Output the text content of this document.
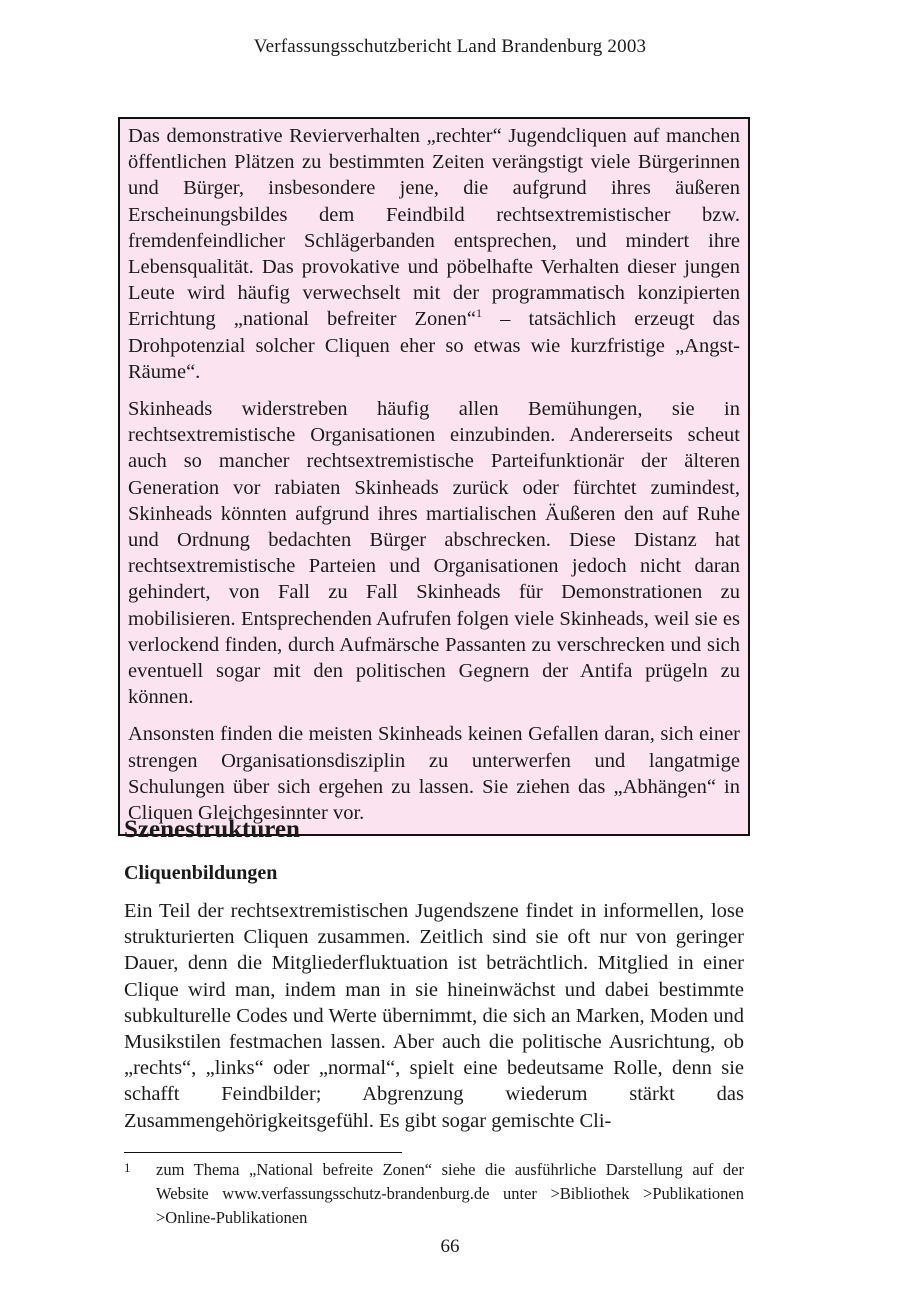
Verfassungsschutzbericht Land Brandenburg 2003

Das demonstrative Revierverhalten „rechter“ Jugendcliquen auf manchen öffentlichen Plätzen zu bestimmten Zeiten verängstigt viele Bürgerinnen und Bürger, insbesondere jene, die aufgrund ihres äußeren Erscheinungsbildes dem Feindbild rechtsextremistischer bzw. fremdenfeindlicher Schlägerbanden entsprechen, und mindert ihre Lebensqualität. Das provokative und pöbelhafte Verhalten dieser jungen Leute wird häufig verwechselt mit der programmatisch konzipierten Errichtung „national befreiter Zonen“$^1$ – tatsächlich erzeugt das Drohpotenzial solcher Cliquen eher so etwas wie kurzfristige „Angst-Räume“.

Skinheads widerstreben häufig allen Bemühungen, sie in rechtsextremistische Organisationen einzubinden. Andererseits scheut auch so mancher rechtsextremistische Parteifunktionär der älteren Generation vor rabiaten Skinheads zurück oder fürchtet zumindest, Skinheads könnten aufgrund ihres martialischen Äußeren den auf Ruhe und Ordnung bedachten Bürger abschrecken. Diese Distanz hat rechtsextremistische Parteien und Organisationen jedoch nicht daran gehindert, von Fall zu Fall Skinheads für Demonstrationen zu mobilisieren. Entsprechenden Aufrufen folgen viele Skinheads, weil sie es verlockend finden, durch Aufmärsche Passanten zu verschrecken und sich eventuell sogar mit den politischen Gegnern der Antifa prügeln zu können.

Ansonsten finden die meisten Skinheads keinen Gefallen daran, sich einer strengen Organisationsdisziplin zu unterwerfen und langatmige Schulungen über sich ergehen zu lassen. Sie ziehen das „Abhängen“ in Cliquen Gleichgesinnter vor.

Szenestrukturen
Cliquenbildungen

Ein Teil der rechtsextremistischen Jugendszene findet in informellen, lose strukturierten Cliquen zusammen. Zeitlich sind sie oft nur von geringer Dauer, denn die Mitgliederfluktuation ist beträchtlich. Mitglied in einer Clique wird man, indem man in sie hineinwächst und dabei bestimmte subkulturelle Codes und Werte übernimmt, die sich an Marken, Moden und Musikstilen festmachen lassen. Aber auch die politische Ausrichtung, ob „rechts“, „links“ oder „normal“, spielt eine bedeutsame Rolle, denn sie schafft Feindbilder; Abgrenzung wiederum stärkt das Zusammengehörigkeitsgefühl. Es gibt sogar gemischte Cli-

1 zum Thema „National befreite Zonen“ siehe die ausführliche Darstellung auf der Website www.verfassungsschutz-brandenburg.de unter >Bibliothek >Publikationen >Online-Publikationen
66
